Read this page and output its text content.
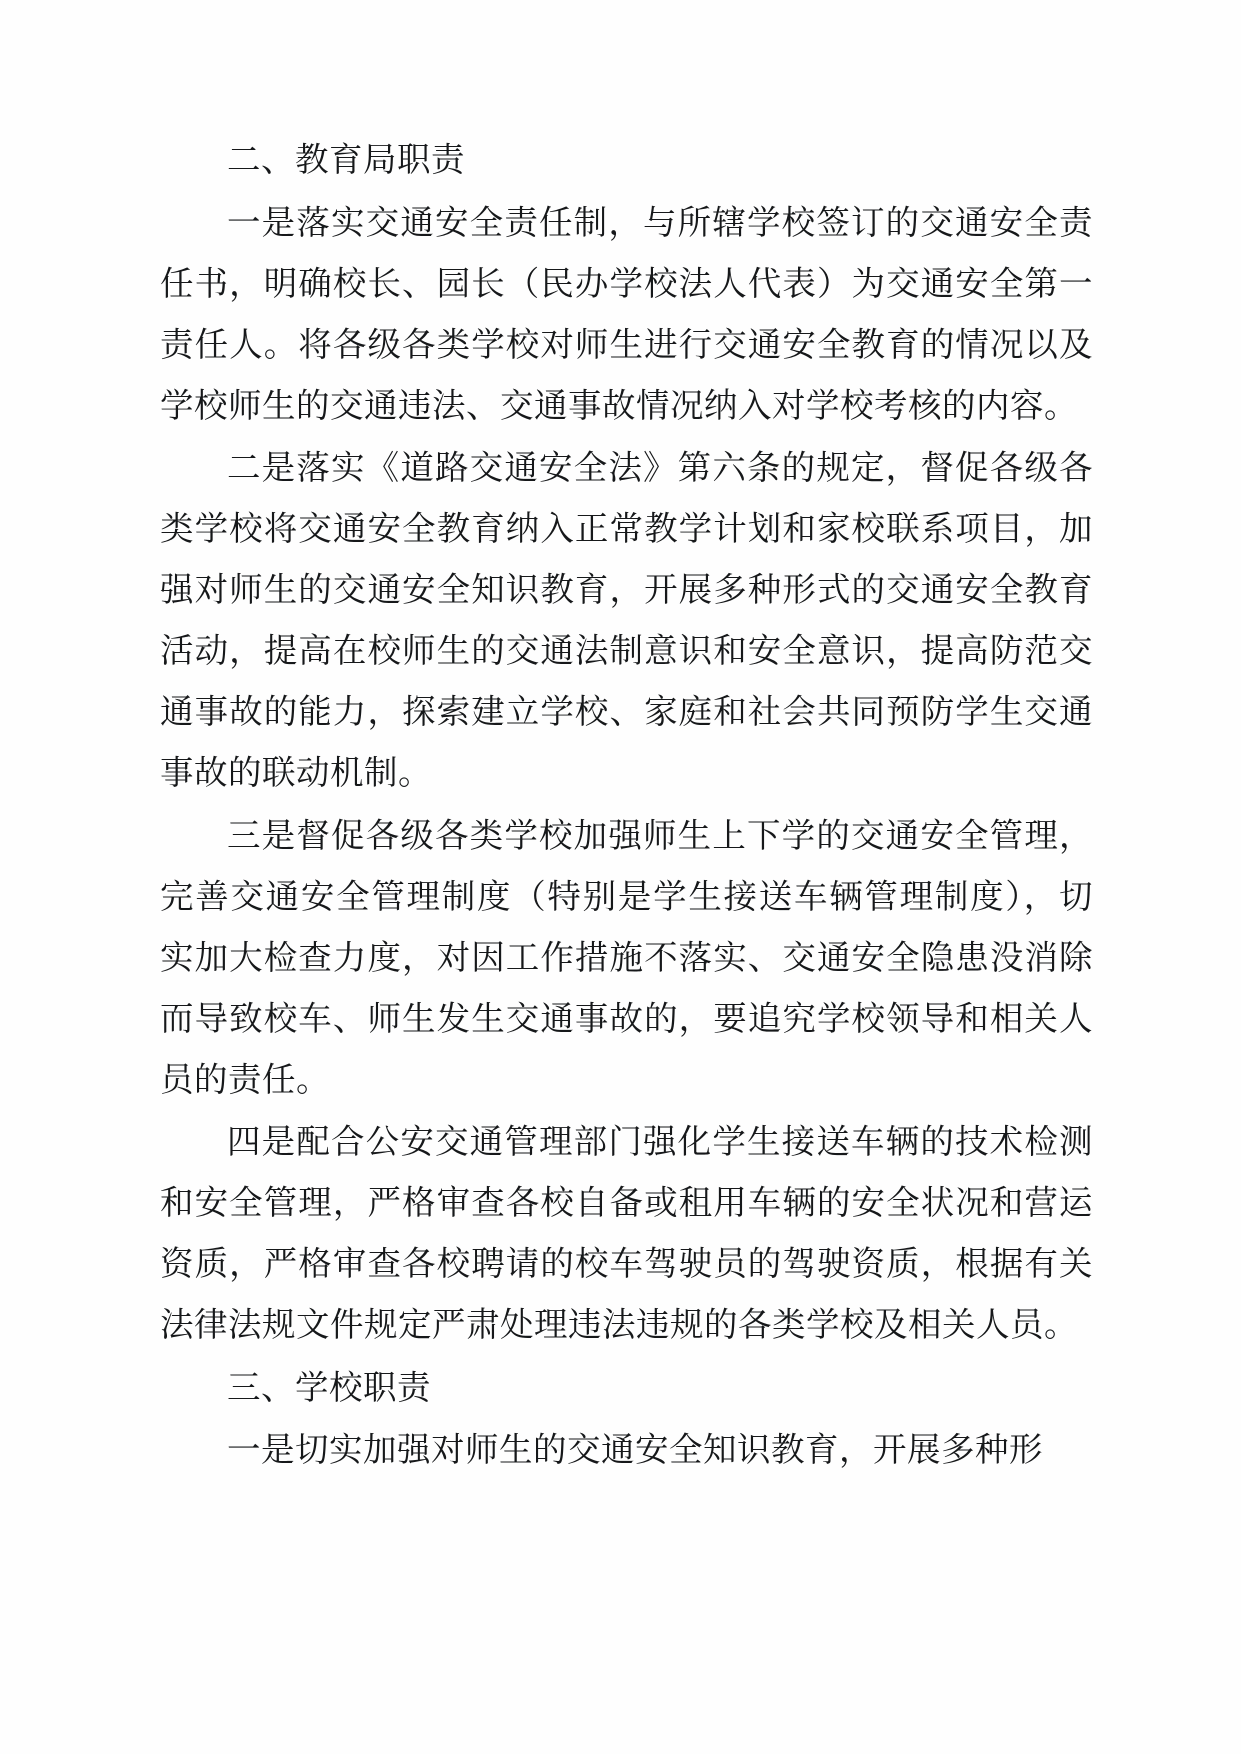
二、教育局职责
一是落实交通安全责任制，与所辖学校签订的交通安全责任书，明确校长、园长（民办学校法人代表）为交通安全第一责任人。将各级各类学校对师生进行交通安全教育的情况以及学校师生的交通违法、交通事故情况纳入对学校考核的内容。
二是落实《道路交通安全法》第六条的规定，督促各级各类学校将交通安全教育纳入正常教学计划和家校联系项目，加强对师生的交通安全知识教育，开展多种形式的交通安全教育活动，提高在校师生的交通法制意识和安全意识，提高防范交通事故的能力，探索建立学校、家庭和社会共同预防学生交通事故的联动机制。
三是督促各级各类学校加强师生上下学的交通安全管理，完善交通安全管理制度（特别是学生接送车辆管理制度），切实加大检查力度，对因工作措施不落实、交通安全隐患没消除而导致校车、师生发生交通事故的，要追究学校领导和相关人员的责任。
四是配合公安交通管理部门强化学生接送车辆的技术检测和安全管理，严格审查各校自备或租用车辆的安全状况和营运资质，严格审查各校聘请的校车驾驶员的驾驶资质，根据有关法律法规文件规定严肃处理违法违规的各类学校及相关人员。
三、学校职责
一是切实加强对师生的交通安全知识教育，开展多种形
